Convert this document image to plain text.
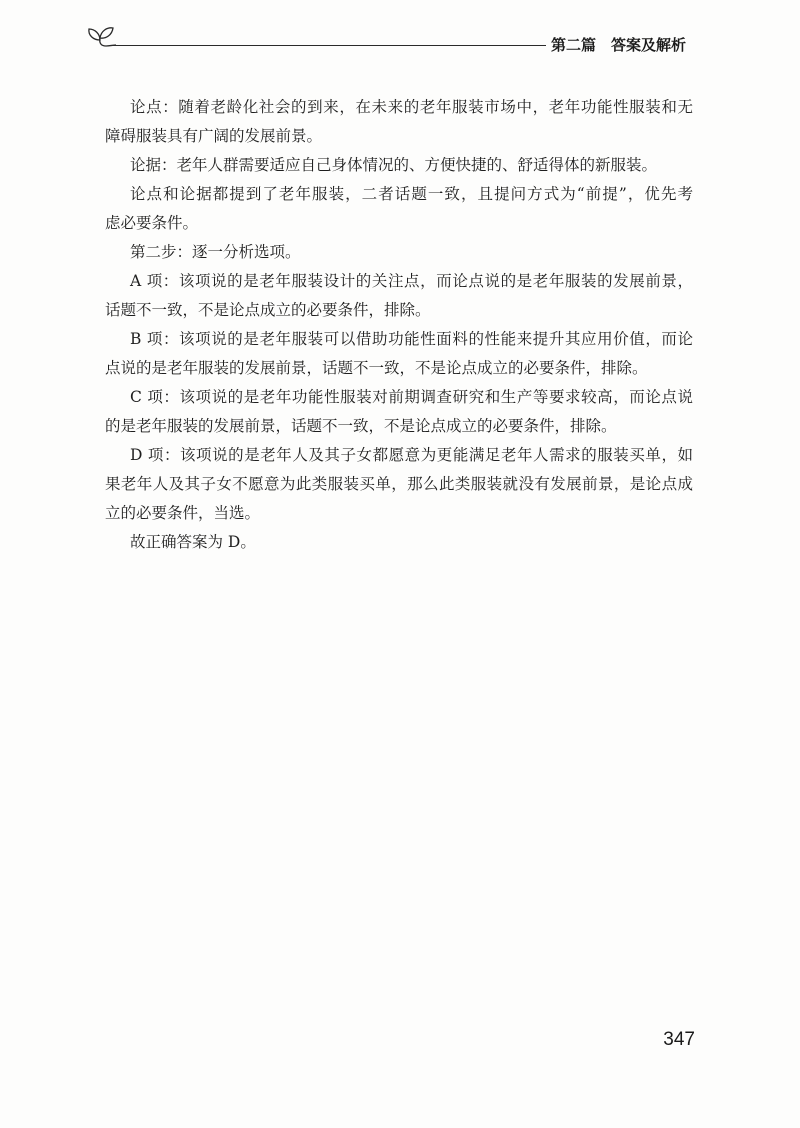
第二篇　答案及解析
论点：随着老龄化社会的到来，在未来的老年服装市场中，老年功能性服装和无
障碍服装具有广阔的发展前景。
论据：老年人群需要适应自己身体情况的、方便快捷的、舒适得体的新服装。
论点和论据都提到了老年服装，二者话题一致，且提问方式为“前提”，优先考
虑必要条件。
第二步：逐一分析选项。
A 项：该项说的是老年服装设计的关注点，而论点说的是老年服装的发展前景，
话题不一致，不是论点成立的必要条件，排除。
B 项：该项说的是老年服装可以借助功能性面料的性能来提升其应用价值，而论
点说的是老年服装的发展前景，话题不一致，不是论点成立的必要条件，排除。
C 项：该项说的是老年功能性服装对前期调查研究和生产等要求较高，而论点说
的是老年服装的发展前景，话题不一致，不是论点成立的必要条件，排除。
D 项：该项说的是老年人及其子女都愿意为更能满足老年人需求的服装买单，如
果老年人及其子女不愿意为此类服装买单，那么此类服装就没有发展前景，是论点成
立的必要条件，当选。
故正确答案为 D。
347
